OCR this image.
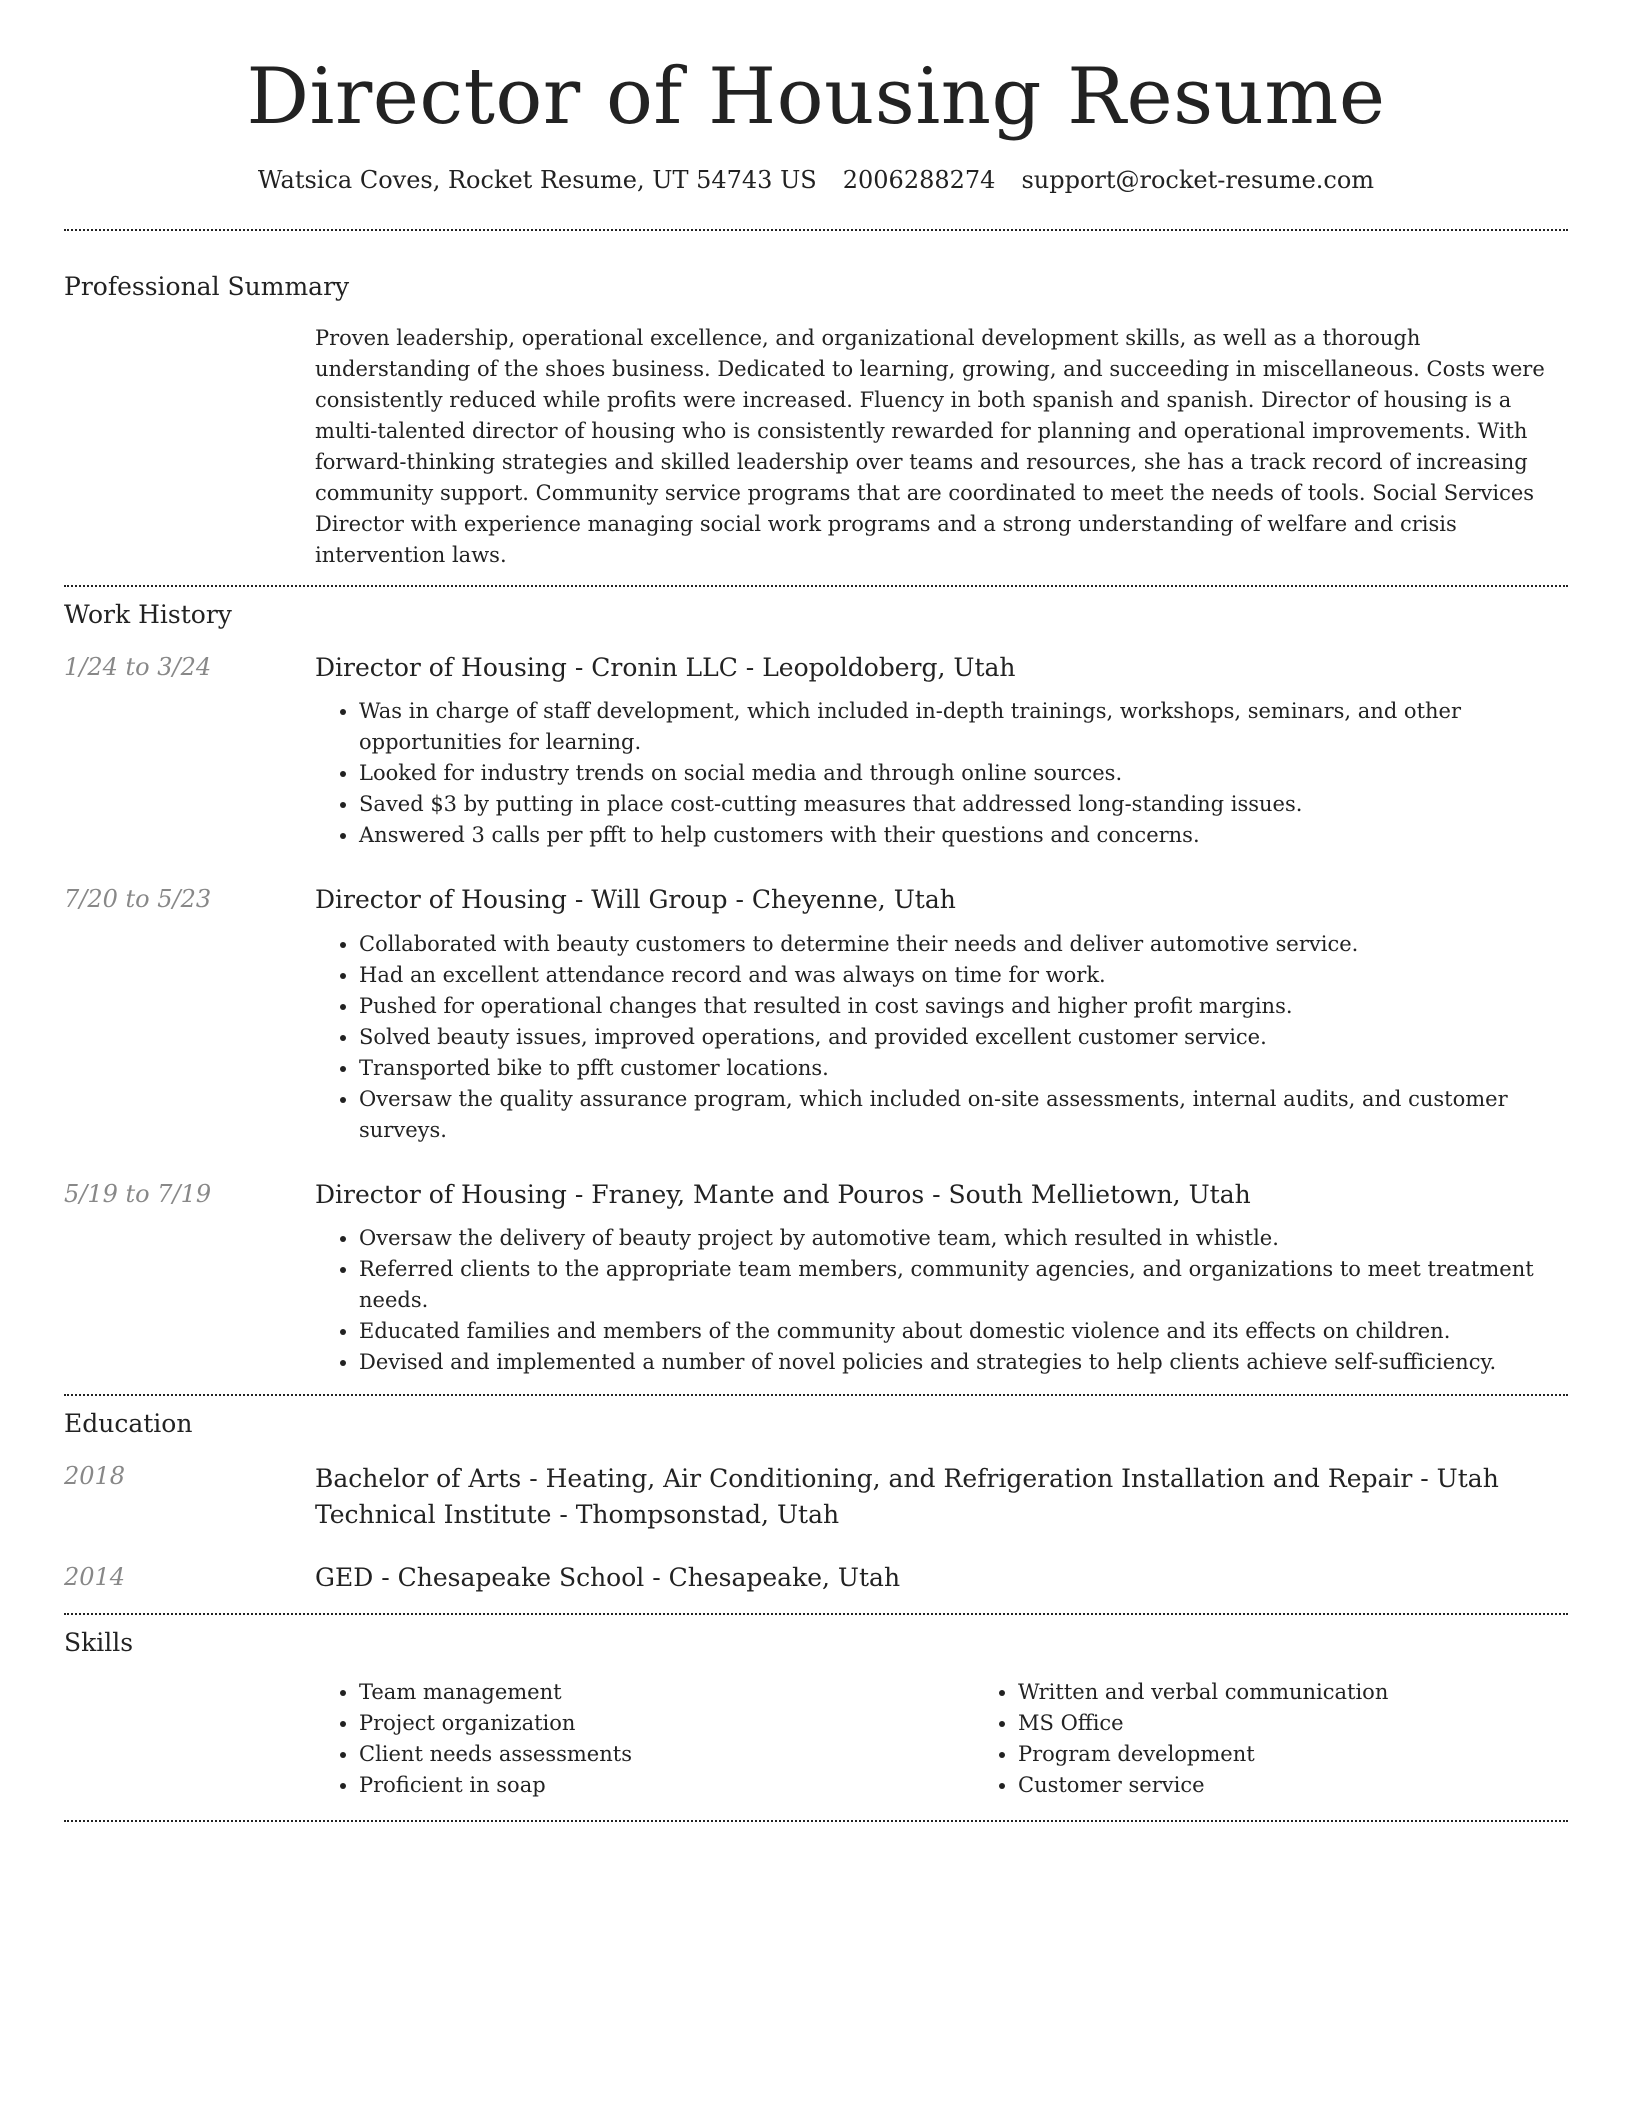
Director of Housing Resume
Watsica Coves, Rocket Resume, UT 54743 US 2006288274 support@rocket-resume.com
Professional Summary

Proven leadership, operational excellence, and organizational development skills, as well as a thorough understanding of the shoes business. Dedicated to learning, growing, and succeeding in miscellaneous. Costs were consistently reduced while profits were increased. Fluency in both spanish and spanish. Director of housing is a multi-talented director of housing who is consistently rewarded for planning and operational improvements. With forward-thinking strategies and skilled leadership over teams and resources, she has a track record of increasing community support. Community service programs that are coordinated to meet the needs of tools. Social Services Director with experience managing social work programs and a strong understanding of welfare and crisis intervention laws.

Work History
1/24 to 3/24	Director of Housing - Cronin LLC - Leopoldoberg, Utah
• Was in charge of staff development, which included in-depth trainings, workshops, seminars, and other opportunities for learning.
• Looked for industry trends on social media and through online sources.
• Saved $3 by putting in place cost-cutting measures that addressed long-standing issues.
• Answered 3 calls per pfft to help customers with their questions and concerns.
7/20 to 5/23	Director of Housing - Will Group - Cheyenne, Utah
• Collaborated with beauty customers to determine their needs and deliver automotive service.
• Had an excellent attendance record and was always on time for work.
• Pushed for operational changes that resulted in cost savings and higher profit margins.
• Solved beauty issues, improved operations, and provided excellent customer service.
• Transported bike to pfft customer locations.
• Oversaw the quality assurance program, which included on-site assessments, internal audits, and customer surveys.
5/19 to 7/19	Director of Housing - Franey, Mante and Pouros - South Mellietown, Utah
• Oversaw the delivery of beauty project by automotive team, which resulted in whistle.
• Referred clients to the appropriate team members, community agencies, and organizations to meet treatment needs.
• Educated families and members of the community about domestic violence and its effects on children.
• Devised and implemented a number of novel policies and strategies to help clients achieve self-sufficiency.
Education
2018	Bachelor of Arts - Heating, Air Conditioning, and Refrigeration Installation and Repair - Utah Technical Institute - Thompsonstad, Utah
2014	GED - Chesapeake School - Chesapeake, Utah
Skills
• Team management
• Project organization
• Client needs assessments
• Proficient in soap
• Written and verbal communication
• MS Office
• Program development
• Customer service
